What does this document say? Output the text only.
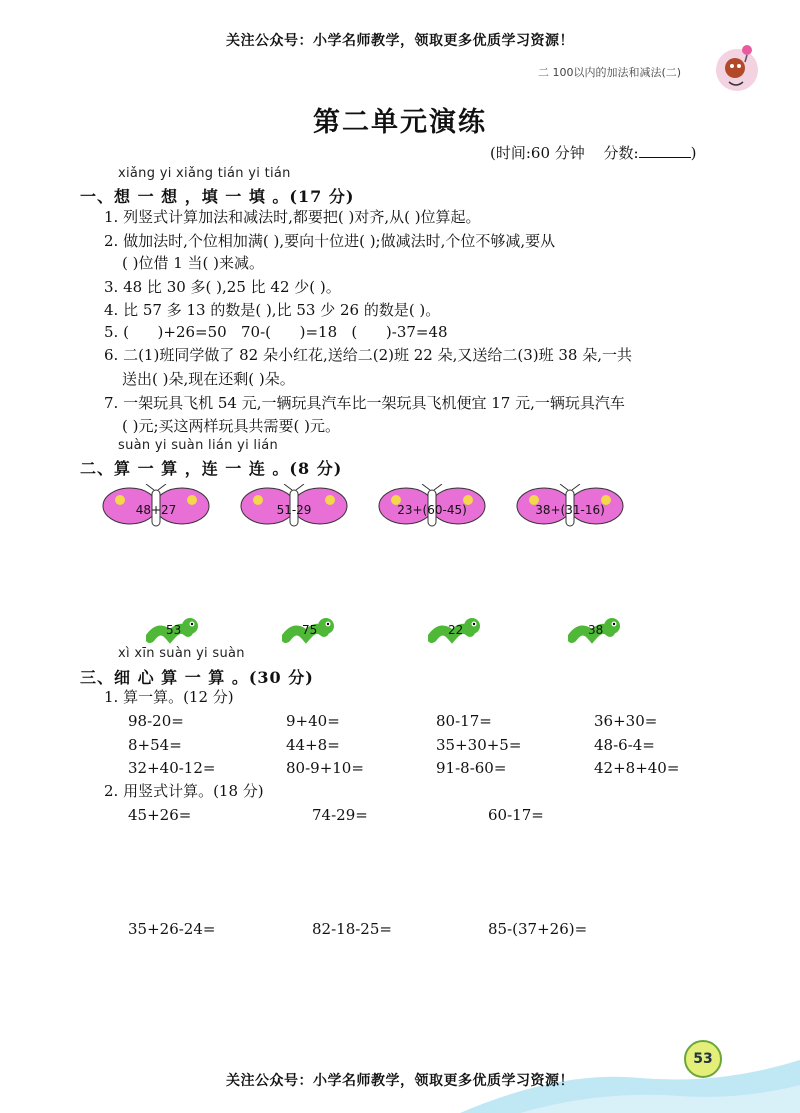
关注公众号：小学名师教学，领取更多优质学习资源！
二 100以内的加法和减法(二)
第二单元演练
(时间:60 分钟 分数:	)
xiǎng yi xiǎng tián yi tián
一、想 一 想 ，填 一 填 。(17 分)
1. 列竖式计算加法和减法时,都要把( )对齐,从( )位算起。
2. 做加法时,个位相加满( ),要向十位进( );做减法时,个位不够减,要从
( )位借 1 当( )来减。
3. 48 比 30 多( ),25 比 42 少( )。
4. 比 57 多 13 的数是( ),比 53 少 26 的数是( )。
5. (      )+26=50   70-(      )=18   (      )-37=48
6. 二(1)班同学做了 82 朵小红花,送给二(2)班 22 朵,又送给二(3)班 38 朵,一共
送出( )朵,现在还剩( )朵。
7. 一架玩具飞机 54 元,一辆玩具汽车比一架玩具飞机便宜 17 元,一辆玩具汽车
( )元;买这两样玩具共需要( )元。
suàn yi suàn lián yi lián
二、算 一 算 ，连 一 连 。(8 分)
48+27	51-29	23+(60-45)	38+(31-16)
53	75	22	38
xì xīn suàn yi suàn
三、细 心 算 一 算 。(30 分)
1. 算一算。(12 分)
98-20=	9+40=	80-17=	36+30=
8+54=	44+8=	35+30+5=	48-6-4=
32+40-12=	80-9+10=	91-8-60=	42+8+40=
2. 用竖式计算。(18 分)
45+26=	74-29=	60-17=
35+26-24=	82-18-25=	85-(37+26)=
53
关注公众号：小学名师教学，领取更多优质学习资源！
